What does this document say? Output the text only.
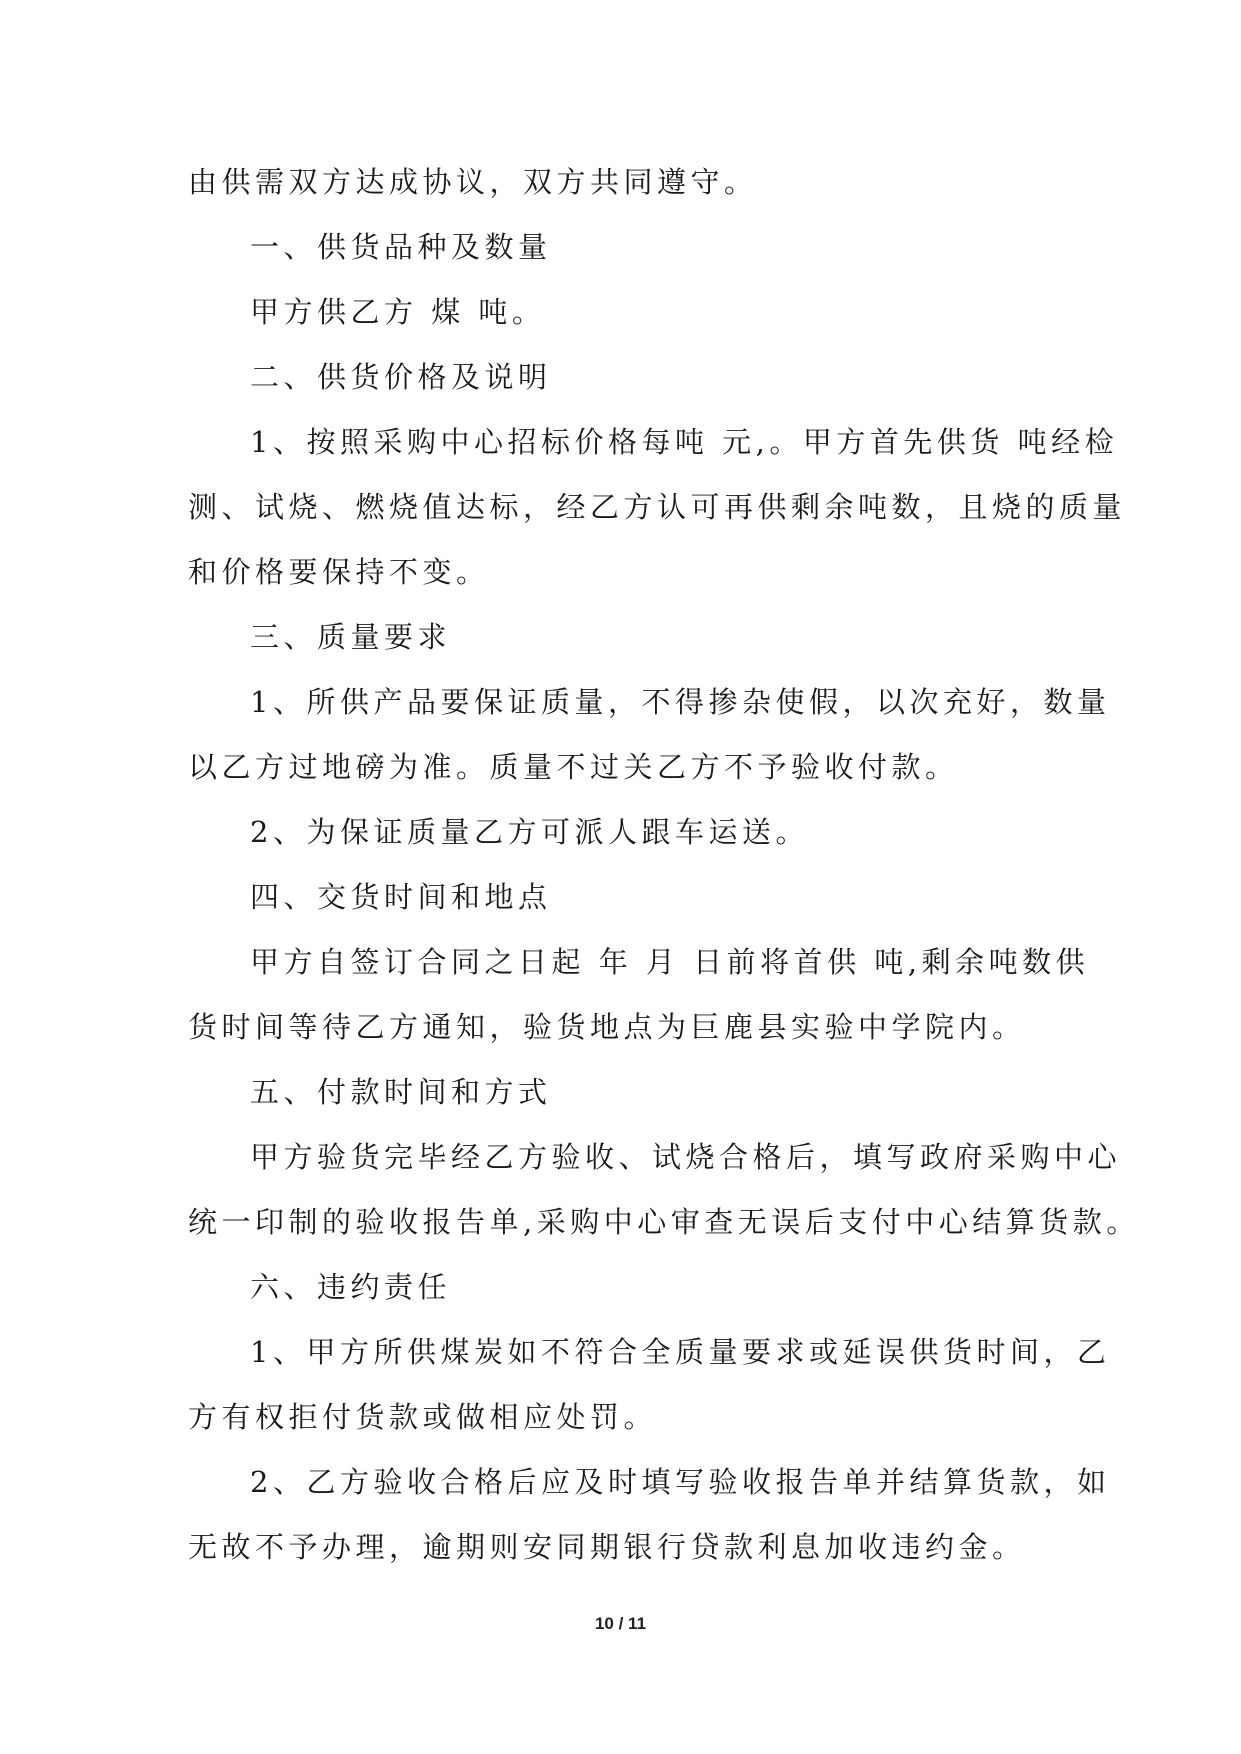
由供需双方达成协议，双方共同遵守。

一、供货品种及数量

甲方供乙方 煤 吨。

二、供货价格及说明

1、按照采购中心招标价格每吨 元,。甲方首先供货 吨经检

测、试烧、燃烧值达标，经乙方认可再供剩余吨数，且烧的质量

和价格要保持不变。

三、质量要求

1、所供产品要保证质量，不得掺杂使假，以次充好，数量

以乙方过地磅为准。质量不过关乙方不予验收付款。

2、为保证质量乙方可派人跟车运送。

四、交货时间和地点

甲方自签订合同之日起 年 月 日前将首供 吨,剩余吨数供

货时间等待乙方通知，验货地点为巨鹿县实验中学院内。

五、付款时间和方式

甲方验货完毕经乙方验收、试烧合格后，填写政府采购中心

统一印制的验收报告单,采购中心审查无误后支付中心结算货款。

六、违约责任

1、甲方所供煤炭如不符合全质量要求或延误供货时间，乙

方有权拒付货款或做相应处罚。

2、乙方验收合格后应及时填写验收报告单并结算货款，如

无故不予办理，逾期则安同期银行贷款利息加收违约金。

10 / 11
